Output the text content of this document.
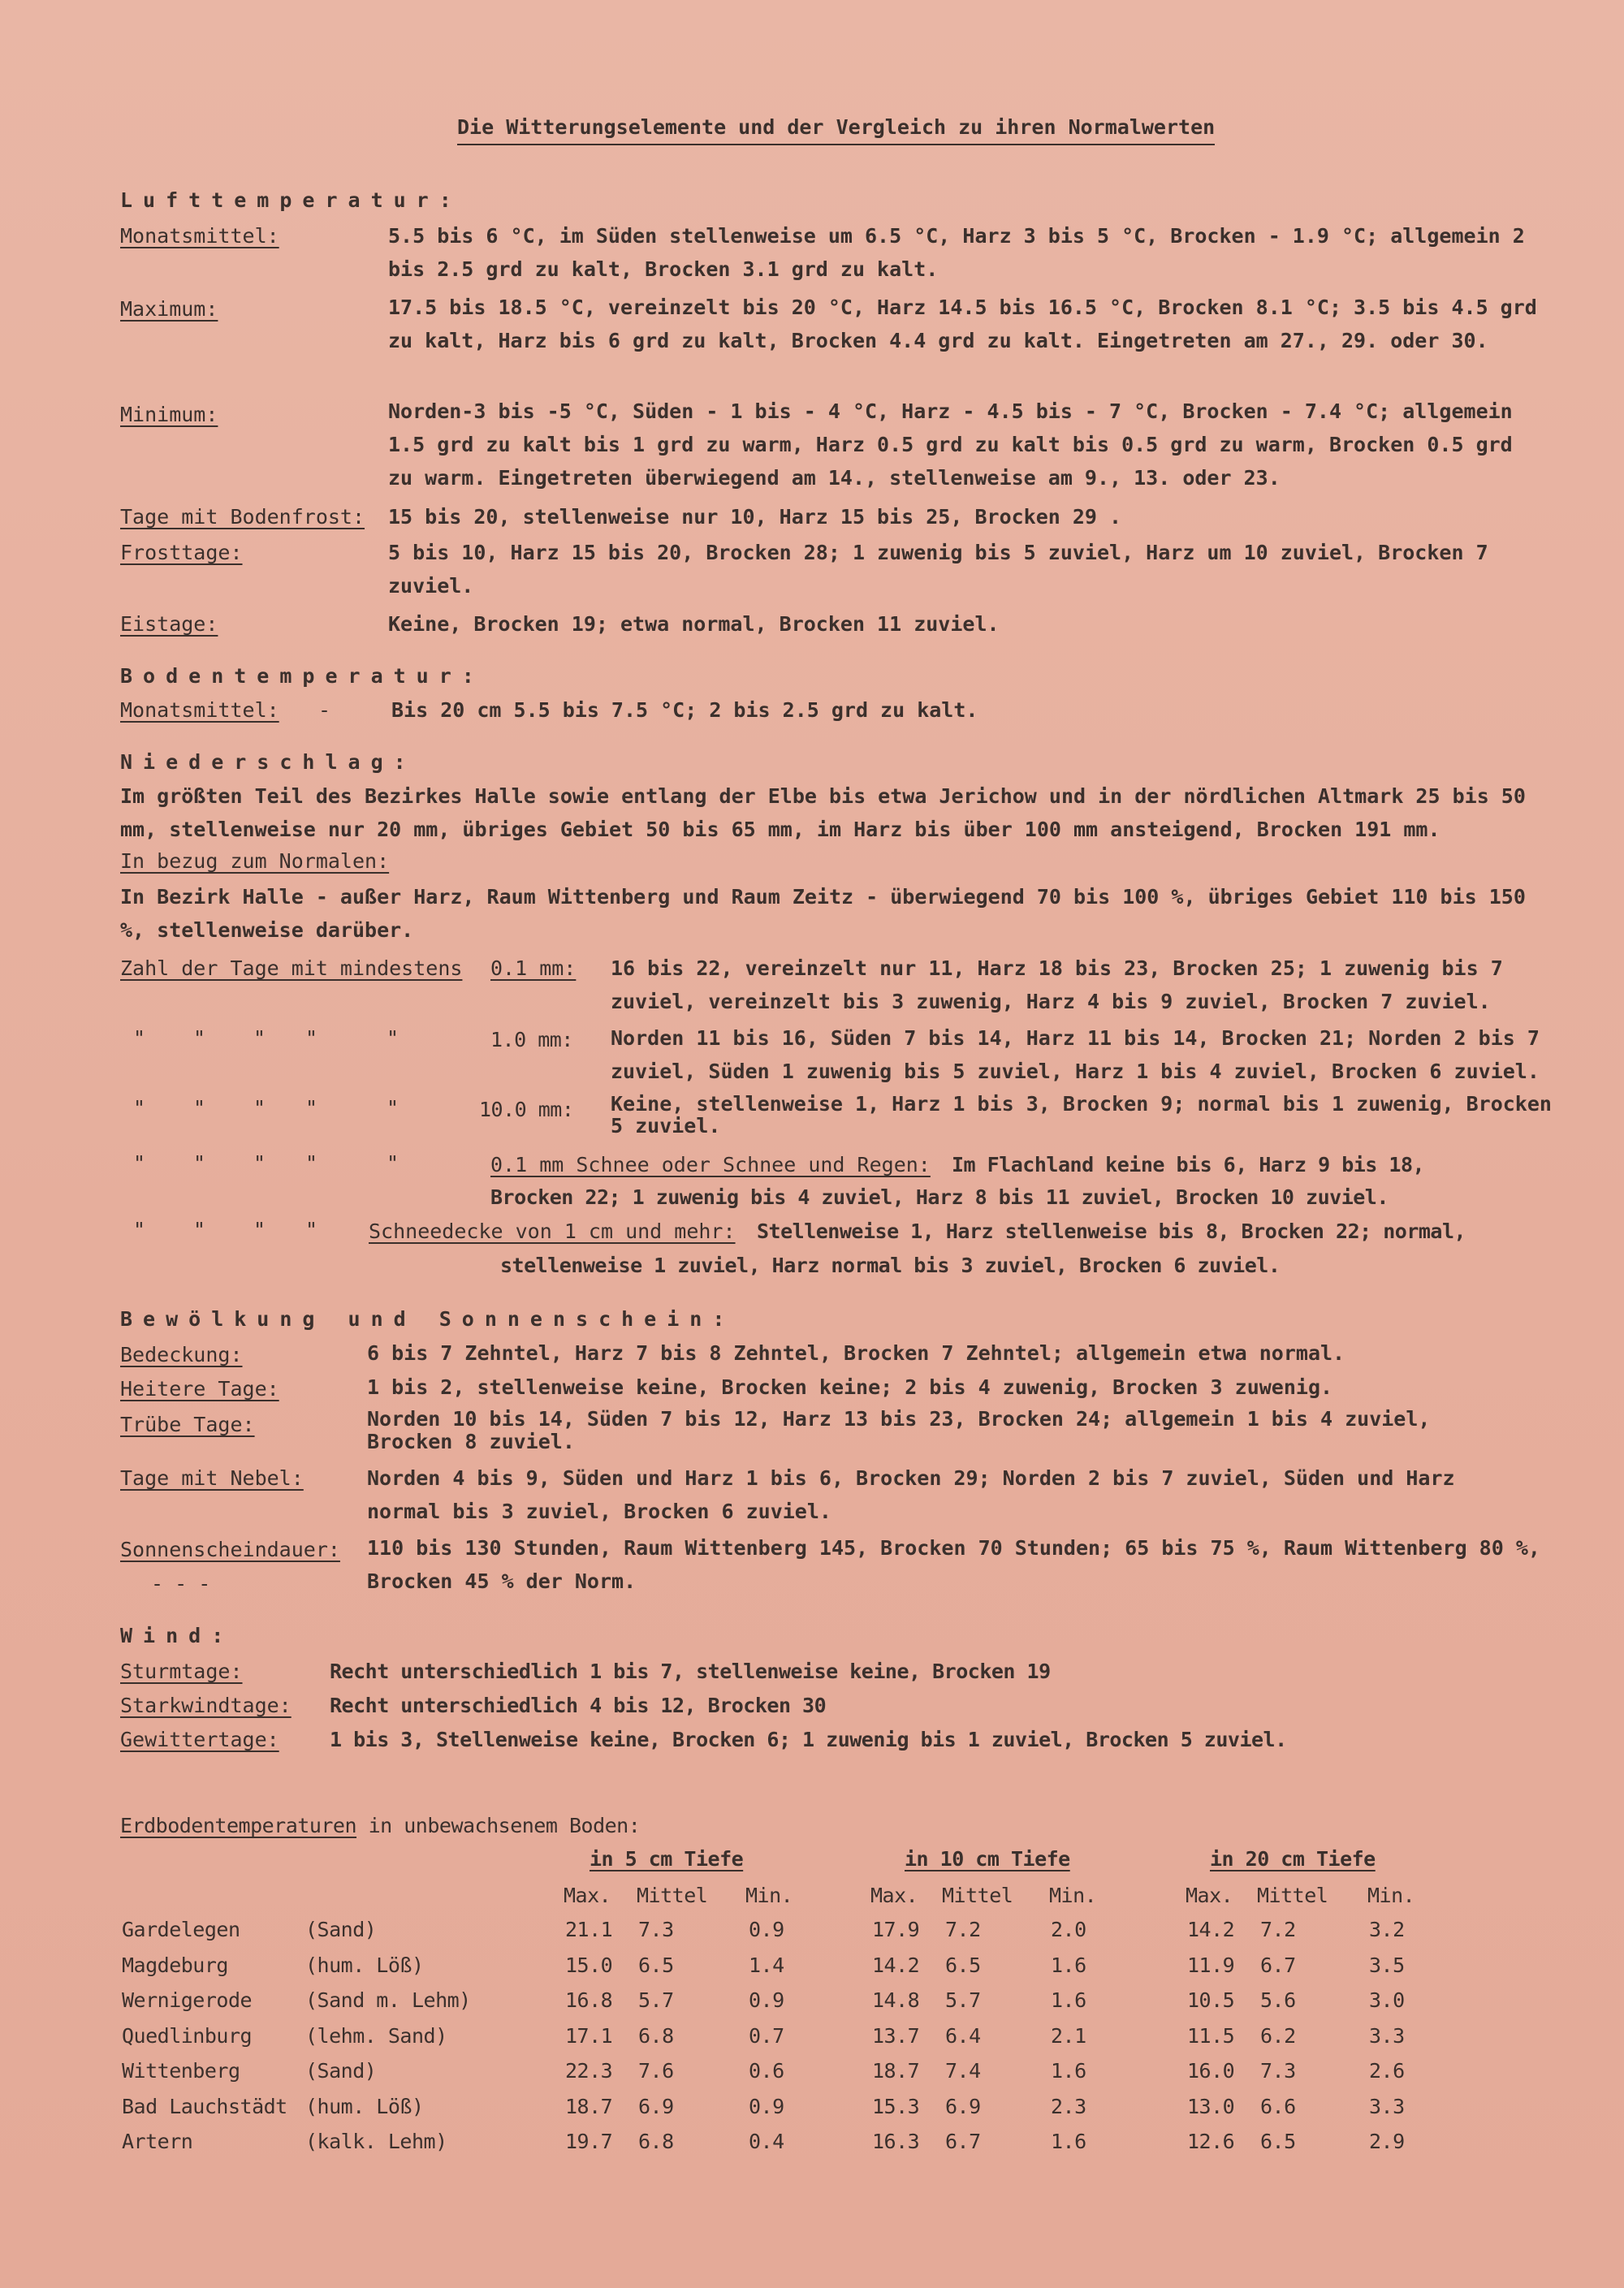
Die Witterungselemente und der Vergleich zu ihren Normalwerten
Lufttemperatur:
Monatsmittel:	5.5 bis 6 °C, im Süden stellenweise um 6.5 °C, Harz 3 bis 5 °C, Brocken - 1.9 °C; allgemein 2 bis 2.5 grd zu kalt, Brocken 3.1 grd zu kalt.
Maximum:	17.5 bis 18.5 °C, vereinzelt bis 20 °C, Harz 14.5 bis 16.5 °C, Brocken 8.1 °C; 3.5 bis 4.5 grd zu kalt, Harz bis 6 grd zu kalt, Brocken 4.4 grd zu kalt. Eingetreten am 27., 29. oder 30.
Minimum:	Norden-3 bis -5 °C, Süden - 1 bis - 4 °C, Harz - 4.5 bis - 7 °C, Brocken - 7.4 °C; allgemein 1.5 grd zu kalt bis 1 grd zu warm, Harz 0.5 grd zu kalt bis 0.5 grd zu warm, Brocken 0.5 grd zu warm. Eingetreten überwiegend am 14., stellenweise am 9., 13. oder 23.
Tage mit Bodenfrost: 15 bis 20, stellenweise nur 10, Harz 15 bis 25, Brocken 29 .
Frosttage:	5 bis 10, Harz 15 bis 20, Brocken 28; 1 zuwenig bis 5 zuviel, Harz um 10 zuviel, Brocken 7 zuviel.
Eistage:	Keine, Brocken 19; etwa normal, Brocken 11 zuviel.
Bodentemperatur:
Monatsmittel: -	Bis 20 cm 5.5 bis 7.5 °C; 2 bis 2.5 grd zu kalt.
Niederschlag:
Im größten Teil des Bezirkes Halle sowie entlang der Elbe bis etwa Jerichow und in der nördlichen Altmark 25 bis 50 mm, stellenweise nur 20 mm, übriges Gebiet 50 bis 65 mm, im Harz bis über 100 mm ansteigend, Brocken 191 mm.
In bezug zum Normalen:
In Bezirk Halle - außer Harz, Raum Wittenberg und Raum Zeitz - überwiegend 70 bis 100 %, übriges Gebiet 110 bis 150 %, stellenweise darüber.
Zahl der Tage mit mindestens 0.1 mm: 16 bis 22, vereinzelt nur 11, Harz 18 bis 23, Brocken 25; 1 zuwenig bis 7 zuviel, vereinzelt bis 3 zuwenig, Harz 4 bis 9 zuviel, Brocken 7 zuviel.
" " " "	"	1.0 mm: Norden 11 bis 16, Süden 7 bis 14, Harz 11 bis 14, Brocken 21; Norden 2 bis 7 zuviel, Süden 1 zuwenig bis 5 zuviel, Harz 1 bis 4 zuviel, Brocken 6 zuviel.
" " " "	"	10.0 mm: Keine, stellenweise 1, Harz 1 bis 3, Brocken 9; normal bis 1 zuwenig, Brocken 5 zuviel.
" " " "	"	0.1 mm Schnee oder Schnee und Regen: Im Flachland keine bis 6, Harz 9 bis 18,
Brocken 22; 1 zuwenig bis 4 zuviel, Harz 8 bis 11 zuviel, Brocken 10 zuviel.
" " " "	Schneedecke von 1 cm und mehr: Stellenweise 1, Harz stellenweise bis 8, Brocken 22; normal,
stellenweise 1 zuviel, Harz normal bis 3 zuviel, Brocken 6 zuviel.
Bewölkung und Sonnenschein:
Bedeckung:	6 bis 7 Zehntel, Harz 7 bis 8 Zehntel, Brocken 7 Zehntel; allgemein etwa normal.
Heitere Tage:	1 bis 2, stellenweise keine, Brocken keine; 2 bis 4 zuwenig, Brocken 3 zuwenig.
Trübe Tage:	Norden 10 bis 14, Süden 7 bis 12, Harz 13 bis 23, Brocken 24; allgemein 1 bis 4 zuviel, Brocken 8 zuviel.
Tage mit Nebel:	Norden 4 bis 9, Süden und Harz 1 bis 6, Brocken 29; Norden 2 bis 7 zuviel, Süden und Harz normal bis 3 zuviel, Brocken 6 zuviel.
Sonnenscheindauer: 110 bis 130 Stunden, Raum Wittenberg 145, Brocken 70 Stunden; 65 bis 75 %, Raum Wittenberg 80 %, Brocken 45 % der Norm.
- - -
Wind:
Sturmtage:	Recht unterschiedlich 1 bis 7, stellenweise keine, Brocken 19
Starkwindtage: Recht unterschiedlich 4 bis 12, Brocken 30
Gewittertage: 1 bis 3, Stellenweise keine, Brocken 6; 1 zuwenig bis 1 zuviel, Brocken 5 zuviel.
Erdbodentemperaturen in unbewachsenem Boden:
in 5 cm Tiefe	in 10 cm Tiefe	in 20 cm Tiefe
Max. Mittel Min.	Max. Mittel Min.	Max. Mittel Min.
Gardelegen	(Sand)	21.1 7.3	0.9	17.9 7.2	2.0	14.2 7.2	3.2
Magdeburg	(hum. Löß)	15.0 6.5	1.4	14.2 6.5	1.6	11.9 6.7	3.5
Wernigerode	(Sand m. Lehm)	16.8 5.7	0.9	14.8 5.7	1.6	10.5 5.6	3.0
Quedlinburg	(lehm. Sand)	17.1 6.8	0.7	13.7 6.4	2.1	11.5 6.2	3.3
Wittenberg	(Sand)	22.3 7.6	0.6	18.7 7.4	1.6	16.0 7.3	2.6
Bad Lauchstädt (hum. Löß)	18.7 6.9	0.9	15.3 6.9	2.3	13.0 6.6	3.3
Artern	(kalk. Lehm)	19.7 6.8	0.4	16.3 6.7	1.6	12.6 6.5	2.9
